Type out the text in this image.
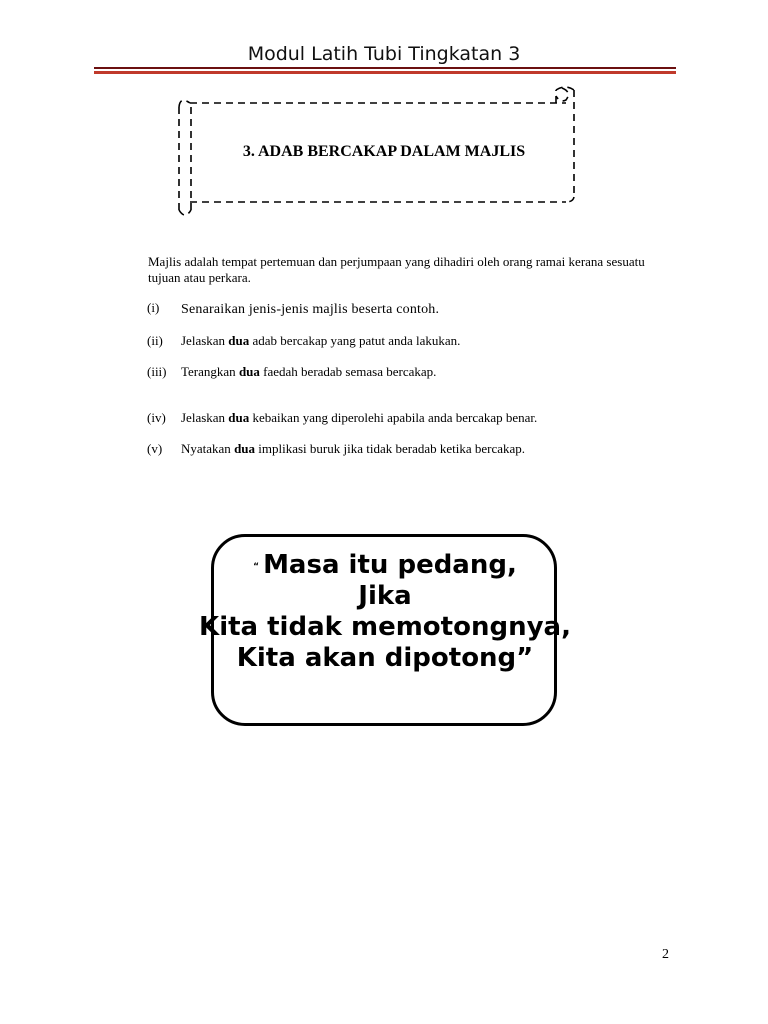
Modul Latih Tubi Tingkatan 3
3. ADAB BERCAKAP DALAM MAJLIS
Majlis adalah tempat pertemuan dan perjumpaan yang dihadiri oleh orang ramai kerana sesuatu tujuan atau perkara.
(i)	Senaraikan jenis-jenis majlis beserta contoh.
(ii)	Jelaskan dua adab bercakap yang patut anda lakukan.
(iii)	Terangkan dua faedah beradab semasa bercakap.
(iv)	Jelaskan dua kebaikan yang diperolehi apabila anda bercakap benar.
(v)	Nyatakan dua implikasi buruk jika tidak beradab ketika bercakap.
“ Masa itu pedang,
Jika
Kita tidak memotongnya,
Kita akan dipotong”
2
